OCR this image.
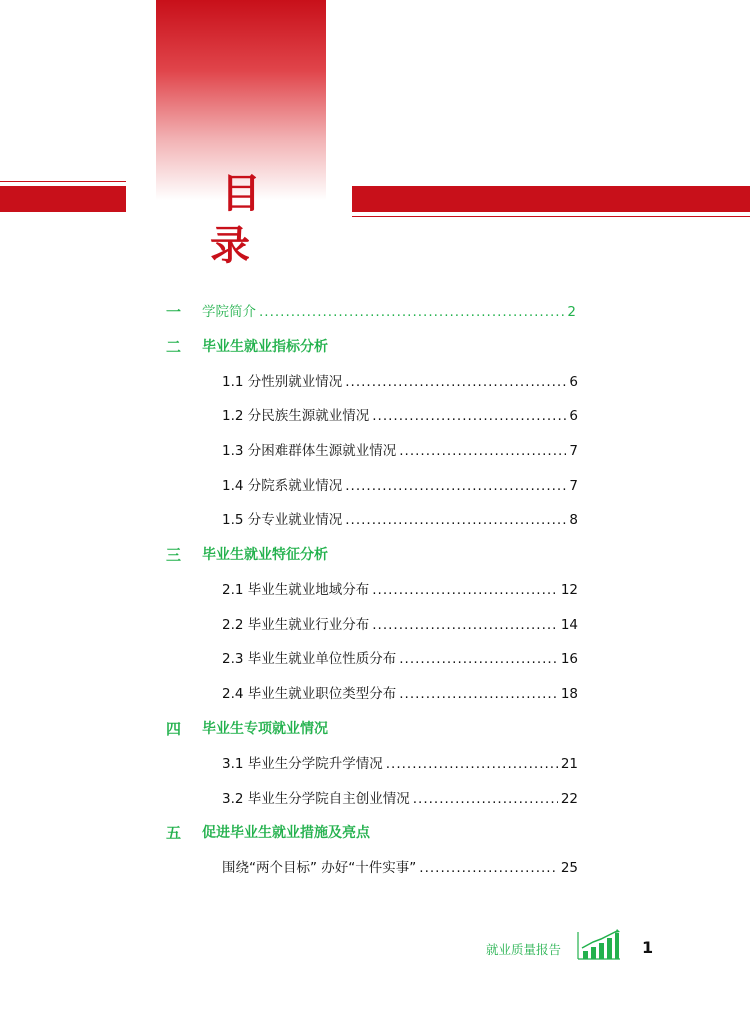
目 录
一	学院简介 .....	2
二	毕业生就业指标分析
1.1 分性别就业情况 .....	6
1.2 分民族生源就业情况 .....	6
1.3 分困难群体生源就业情况 .....	7
1.4 分院系就业情况 .....	7
1.5 分专业就业情况 .....	8
三	毕业生就业特征分析
2.1 毕业生就业地域分布 .....	12
2.2 毕业生就业行业分布 .....	14
2.3 毕业生就业单位性质分布 .....	16
2.4 毕业生就业职位类型分布 .....	18
四	毕业生专项就业情况
3.1 毕业生分学院升学情况 .....	21
3.2 毕业生分学院自主创业情况 .....	22
五	促进毕业生就业措施及亮点
围绕“两个目标” 办好“十件实事” .....	25
就业质量报告	1
